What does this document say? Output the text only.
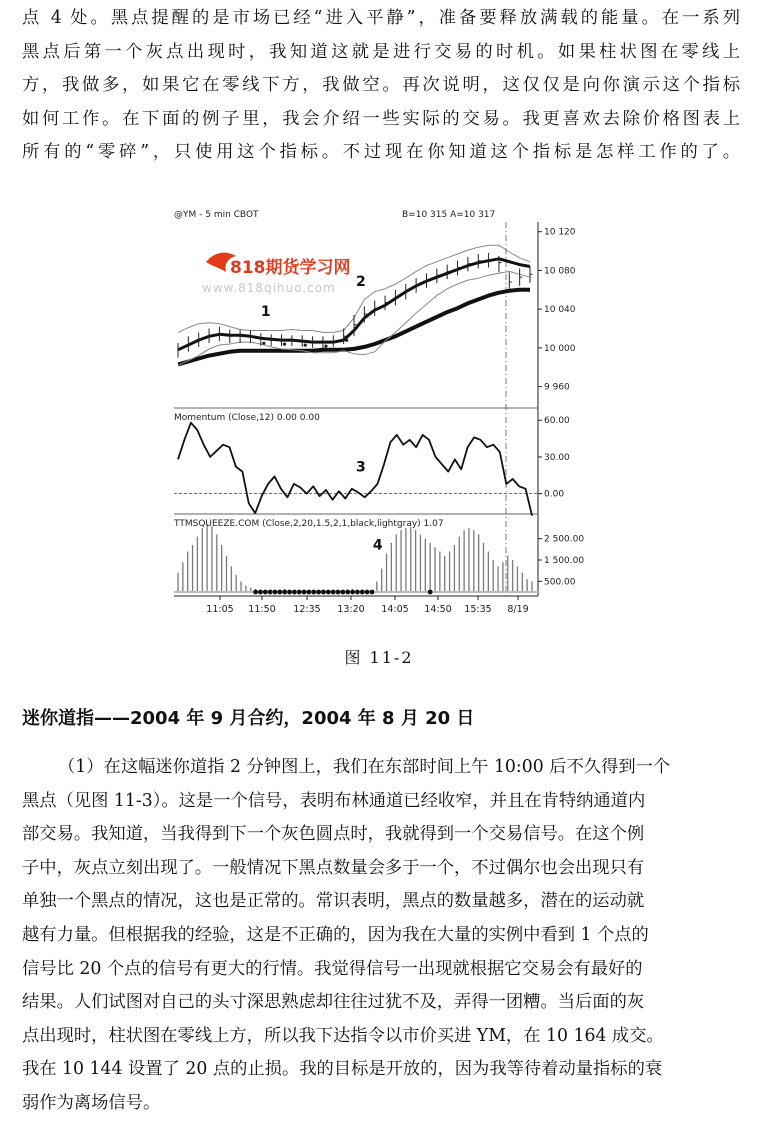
点 4 处。黑点提醒的是市场已经“进入平静”，准备要释放满载的能量。在一系列
黑点后第一个灰点出现时，我知道这就是进行交易的时机。如果柱状图在零线上
方，我做多，如果它在零线下方，我做空。再次说明，这仅仅是向你演示这个指标
如何工作。在下面的例子里，我会介绍一些实际的交易。我更喜欢去除价格图表上
所有的“零碎”，只使用这个指标。不过现在你知道这个指标是怎样工作的了。
10 120
10 080
10 040
10 000
9 960
1
2
60.00
30.00
0.00
3
2 500.00
1 500.00
500.00
4
11:05 11:50 12:35 13:20 14:05 14:50 15:35 8/19
@YM - 5 min CBOT	B=10 315 A=10 317
Momentum (Close,12) 0.00 0.00
TTMSQUEEZE.COM (Close,2,20,1.5,2,1,black,lightgray) 1.07
818期货学习网
www.818qihuo.com
图 11-2
迷你道指——2004 年 9 月合约，2004 年 8 月 20 日
（1）在这幅迷你道指 2 分钟图上，我们在东部时间上午 10:00 后不久得到一个
黑点（见图 11-3）。这是一个信号，表明布林通道已经收窄，并且在肯特纳通道内
部交易。我知道，当我得到下一个灰色圆点时，我就得到一个交易信号。在这个例
子中，灰点立刻出现了。一般情况下黑点数量会多于一个，不过偶尔也会出现只有
单独一个黑点的情况，这也是正常的。常识表明，黑点的数量越多，潜在的运动就
越有力量。但根据我的经验，这是不正确的，因为我在大量的实例中看到 1 个点的
信号比 20 个点的信号有更大的行情。我觉得信号一出现就根据它交易会有最好的
结果。人们试图对自己的头寸深思熟虑却往往过犹不及，弄得一团糟。当后面的灰
点出现时，柱状图在零线上方，所以我下达指令以市价买进 YM，在 10 164 成交。
我在 10 144 设置了 20 点的止损。我的目标是开放的，因为我等待着动量指标的衰
弱作为离场信号。
